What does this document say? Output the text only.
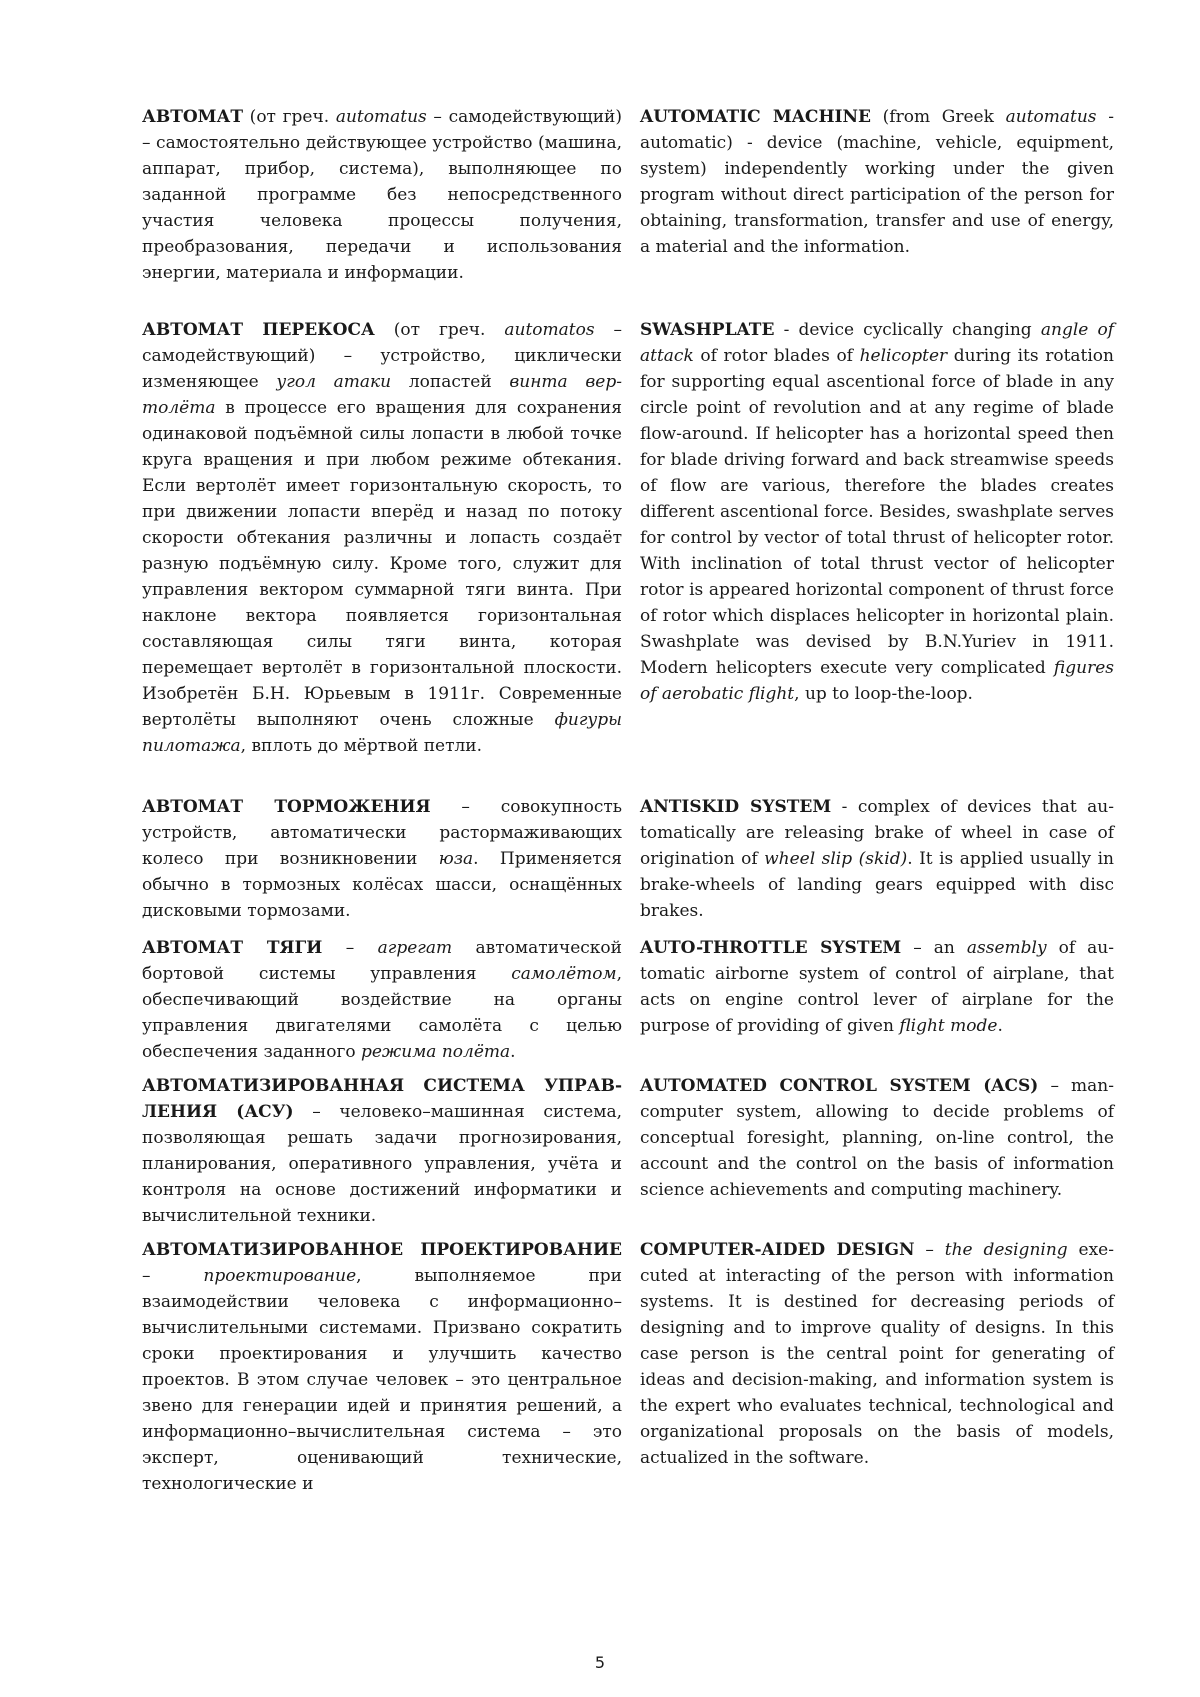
АВТОМАТ (от греч. automatus – самодействующий) – самостоятельно действующее устройство (машина, аппарат, прибор, система), выполняющее по заданной программе без непосредственного участия человека процессы получения, преобразования, передачи и использования энергии, материала и информации.

AUTOMATIC MACHINE (from Greek automatus - automatic) - device (machine, vehicle, equipment, system) independently working under the given program without direct participation of the person for obtaining, transformation, transfer and use of energy, a material and the information.

АВТОМАТ ПЕРЕКОСА (от греч. automatos – самодействующий) – устройство, циклически изменяющее угол атаки лопастей винта вертолёта в процессе его вращения для сохранения одинаковой подъёмной силы лопасти в любой точке круга вращения и при любом режиме обтекания. Если вертолёт имеет горизонтальную скорость, то при движении лопасти вперёд и назад по потоку скорости обтекания различны и лопасть создаёт разную подъёмную силу. Кроме того, служит для управления вектором суммарной тяги винта. При наклоне вектора появляется горизонтальная составляющая силы тяги винта, которая перемещает вертолёт в горизонтальной плоскости. Изобретён Б.Н. Юрьевым в 1911г. Современные вертолёты выполняют очень сложные фигуры пилотажа, вплоть до мёртвой петли.

SWASHPLATE - device cyclically changing angle of attack of rotor blades of helicopter during its rotation for supporting equal ascentional force of blade in any circle point of revolution and at any regime of blade flow-around. If helicopter has a horizontal speed then for blade driving forward and back streamwise speeds of flow are various, therefore the blades creates different ascentional force. Besides, swashplate serves for control by vector of total thrust of helicopter rotor. With inclination of total thrust vector of helicopter rotor is appeared horizontal component of thrust force of rotor which displaces helicopter in horizontal plain. Swashplate was devised by B.N.Yuriev in 1911. Modern helicopters execute very complicated figures of aerobatic flight, up to loop-the-loop.

АВТОМАТ ТОРМОЖЕНИЯ – совокупность устройств, автоматически растормаживающих колесо при возникновении юза. Применяется обычно в тормозных колёсах шасси, оснащённых дисковыми тормозами.

ANTISKID SYSTEM - complex of devices that automatically are releasing brake of wheel in case of origination of wheel slip (skid). It is applied usually in brake-wheels of landing gears equipped with disc brakes.

АВТОМАТ ТЯГИ – агрегат автоматической бортовой системы управления самолётом, обеспечивающий воздействие на органы управления двигателями самолёта с целью обеспечения заданного режима полёта.

AUTO-THROTTLE SYSTEM – an assembly of automatic airborne system of control of airplane, that acts on engine control lever of airplane for the purpose of providing of given flight mode.

АВТОМАТИЗИРОВАННАЯ СИСТЕМА УПРАВЛЕНИЯ (АСУ) – человеко–машинная система, позволяющая решать задачи прогнозирования, планирования, оперативного управления, учёта и контроля на основе достижений информатики и вычислительной техники.

AUTOMATED CONTROL SYSTEM (ACS) – man-computer system, allowing to decide problems of conceptual foresight, planning, on-line control, the account and the control on the basis of information science achievements and computing machinery.

АВТОМАТИЗИРОВАННОЕ ПРОЕКТИРОВАНИЕ – проектирование, выполняемое при взаимодействии человека с информационно–вычислительными системами. Призвано сократить сроки проектирования и улучшить качество проектов. В этом случае человек – это центральное звено для генерации идей и принятия решений, а информационно–вычислительная система – это эксперт, оценивающий технические, технологические и

COMPUTER-AIDED DESIGN – the designing executed at interacting of the person with information systems. It is destined for decreasing periods of designing and to improve quality of designs. In this case person is the central point for generating of ideas and decision-making, and information system is the expert who evaluates technical, technological and organizational proposals on the basis of models, actualized in the software.

5
